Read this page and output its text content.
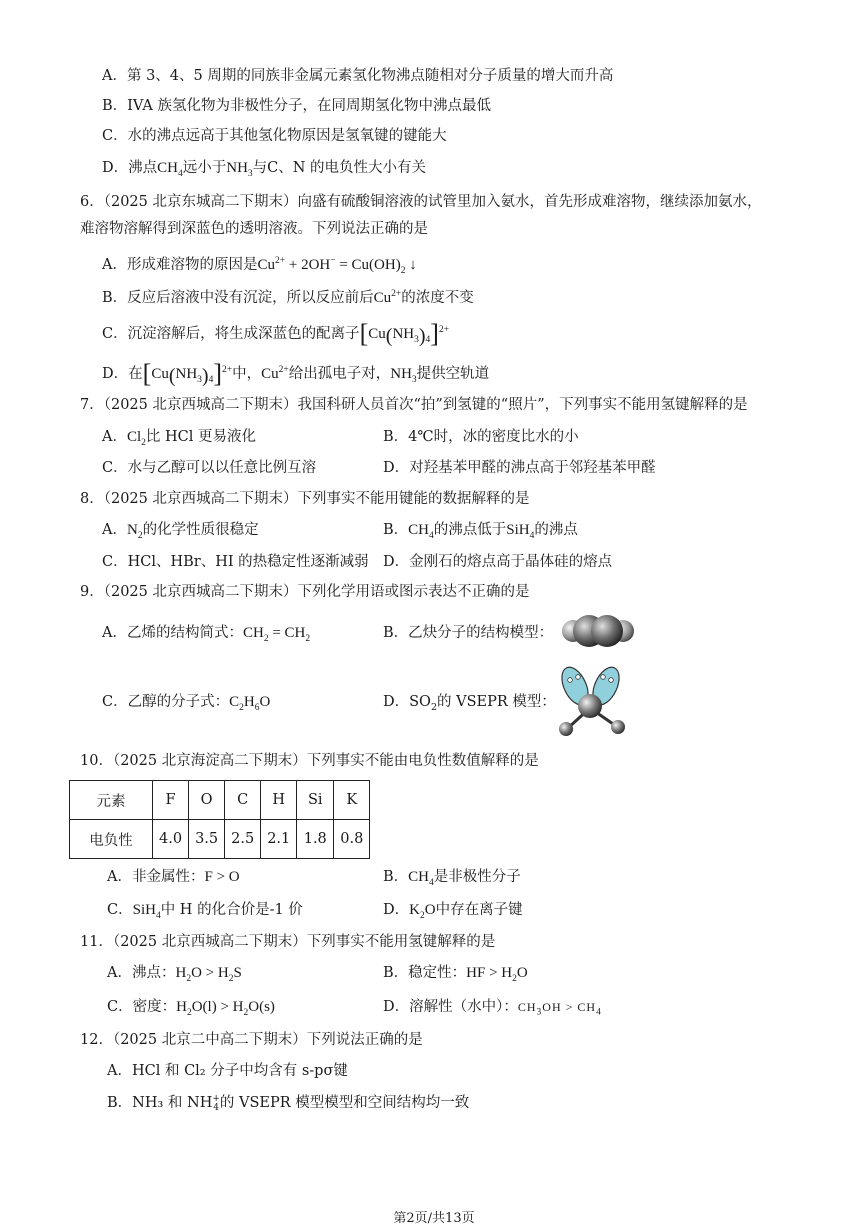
A．第 3、4、5 周期的同族非金属元素氢化物沸点随相对分子质量的增大而升高
B．IVA 族氢化物为非极性分子，在同周期氢化物中沸点最低
C．水的沸点远高于其他氢化物原因是氢氧键的键能大
D．沸点$CH_4$远小于$NH_3$与C、N 的电负性大小有关
6．（2025 北京东城高二下期末）向盛有硫酸铜溶液的试管里加入氨水，首先形成难溶物，继续添加氨水，
难溶物溶解得到深蓝色的透明溶液。下列说法正确的是
A．形成难溶物的原因是$Cu^{2+} + 2OH^- = Cu(OH)_2$ ↓
B．反应后溶液中没有沉淀，所以反应前后$Cu^{2+}$的浓度不变
C．沉淀溶解后，将生成深蓝色的配离子$[Cu(NH_3)_4]^{2+}$
D．在$[Cu(NH_3)_4]^{2+}$中，$Cu^{2+}$给出孤电子对，$NH_3$提供空轨道
7．（2025 北京西城高二下期末）我国科研人员首次“拍”到氢键的“照片”，下列事实不能用氢键解释的是
A．$Cl_2$比 HCl 更易液化	B．4℃时，冰的密度比水的小
C．水与乙醇可以以任意比例互溶	D．对羟基苯甲醛的沸点高于邻羟基苯甲醛
8．（2025 北京西城高二下期末）下列事实不能用键能的数据解释的是
A．$N_2$的化学性质很稳定	B．$CH_4$的沸点低于SiH$_4$的沸点
C．HCl、HBr、HI 的热稳定性逐渐减弱 D．金刚石的熔点高于晶体硅的熔点
9．（2025 北京西城高二下期末）下列化学用语或图示表达不正确的是
A．乙烯的结构简式：$CH_2 = CH_2$	B．乙炔分子的结构模型：
C．乙醇的分子式：$C_2H_6O$	D．$SO_2$的 VSEPR 模型：
10．（2025 北京海淀高二下期末）下列事实不能由电负性数值解释的是
元素	F	O	C	H	Si	K
电负性	4.0	3.5	2.5	2.1	1.8	0.8
A．非金属性：F > O	B．$CH_4$是非极性分子
C．SiH$_4$中 H 的化合价是-1 价	D．$K_2O$中存在离子键
11．（2025 北京西城高二下期末）下列事实不能用氢键解释的是
A．沸点：$H_2O > H_2S$	B．稳定性：HF > $H_2O$
C．密度：$H_2O(l) > H_2O(s)$	D．溶解性（水中）：$CH_3OH > CH_4$
12．（2025 北京二中高二下期末）下列说法正确的是
A．HCl 和 Cl₂ 分子中均含有 s-pσ键
B．NH₃ 和 NH +
4 的 VSEPR 模型模型和空间结构均一致
第2页/共13页
